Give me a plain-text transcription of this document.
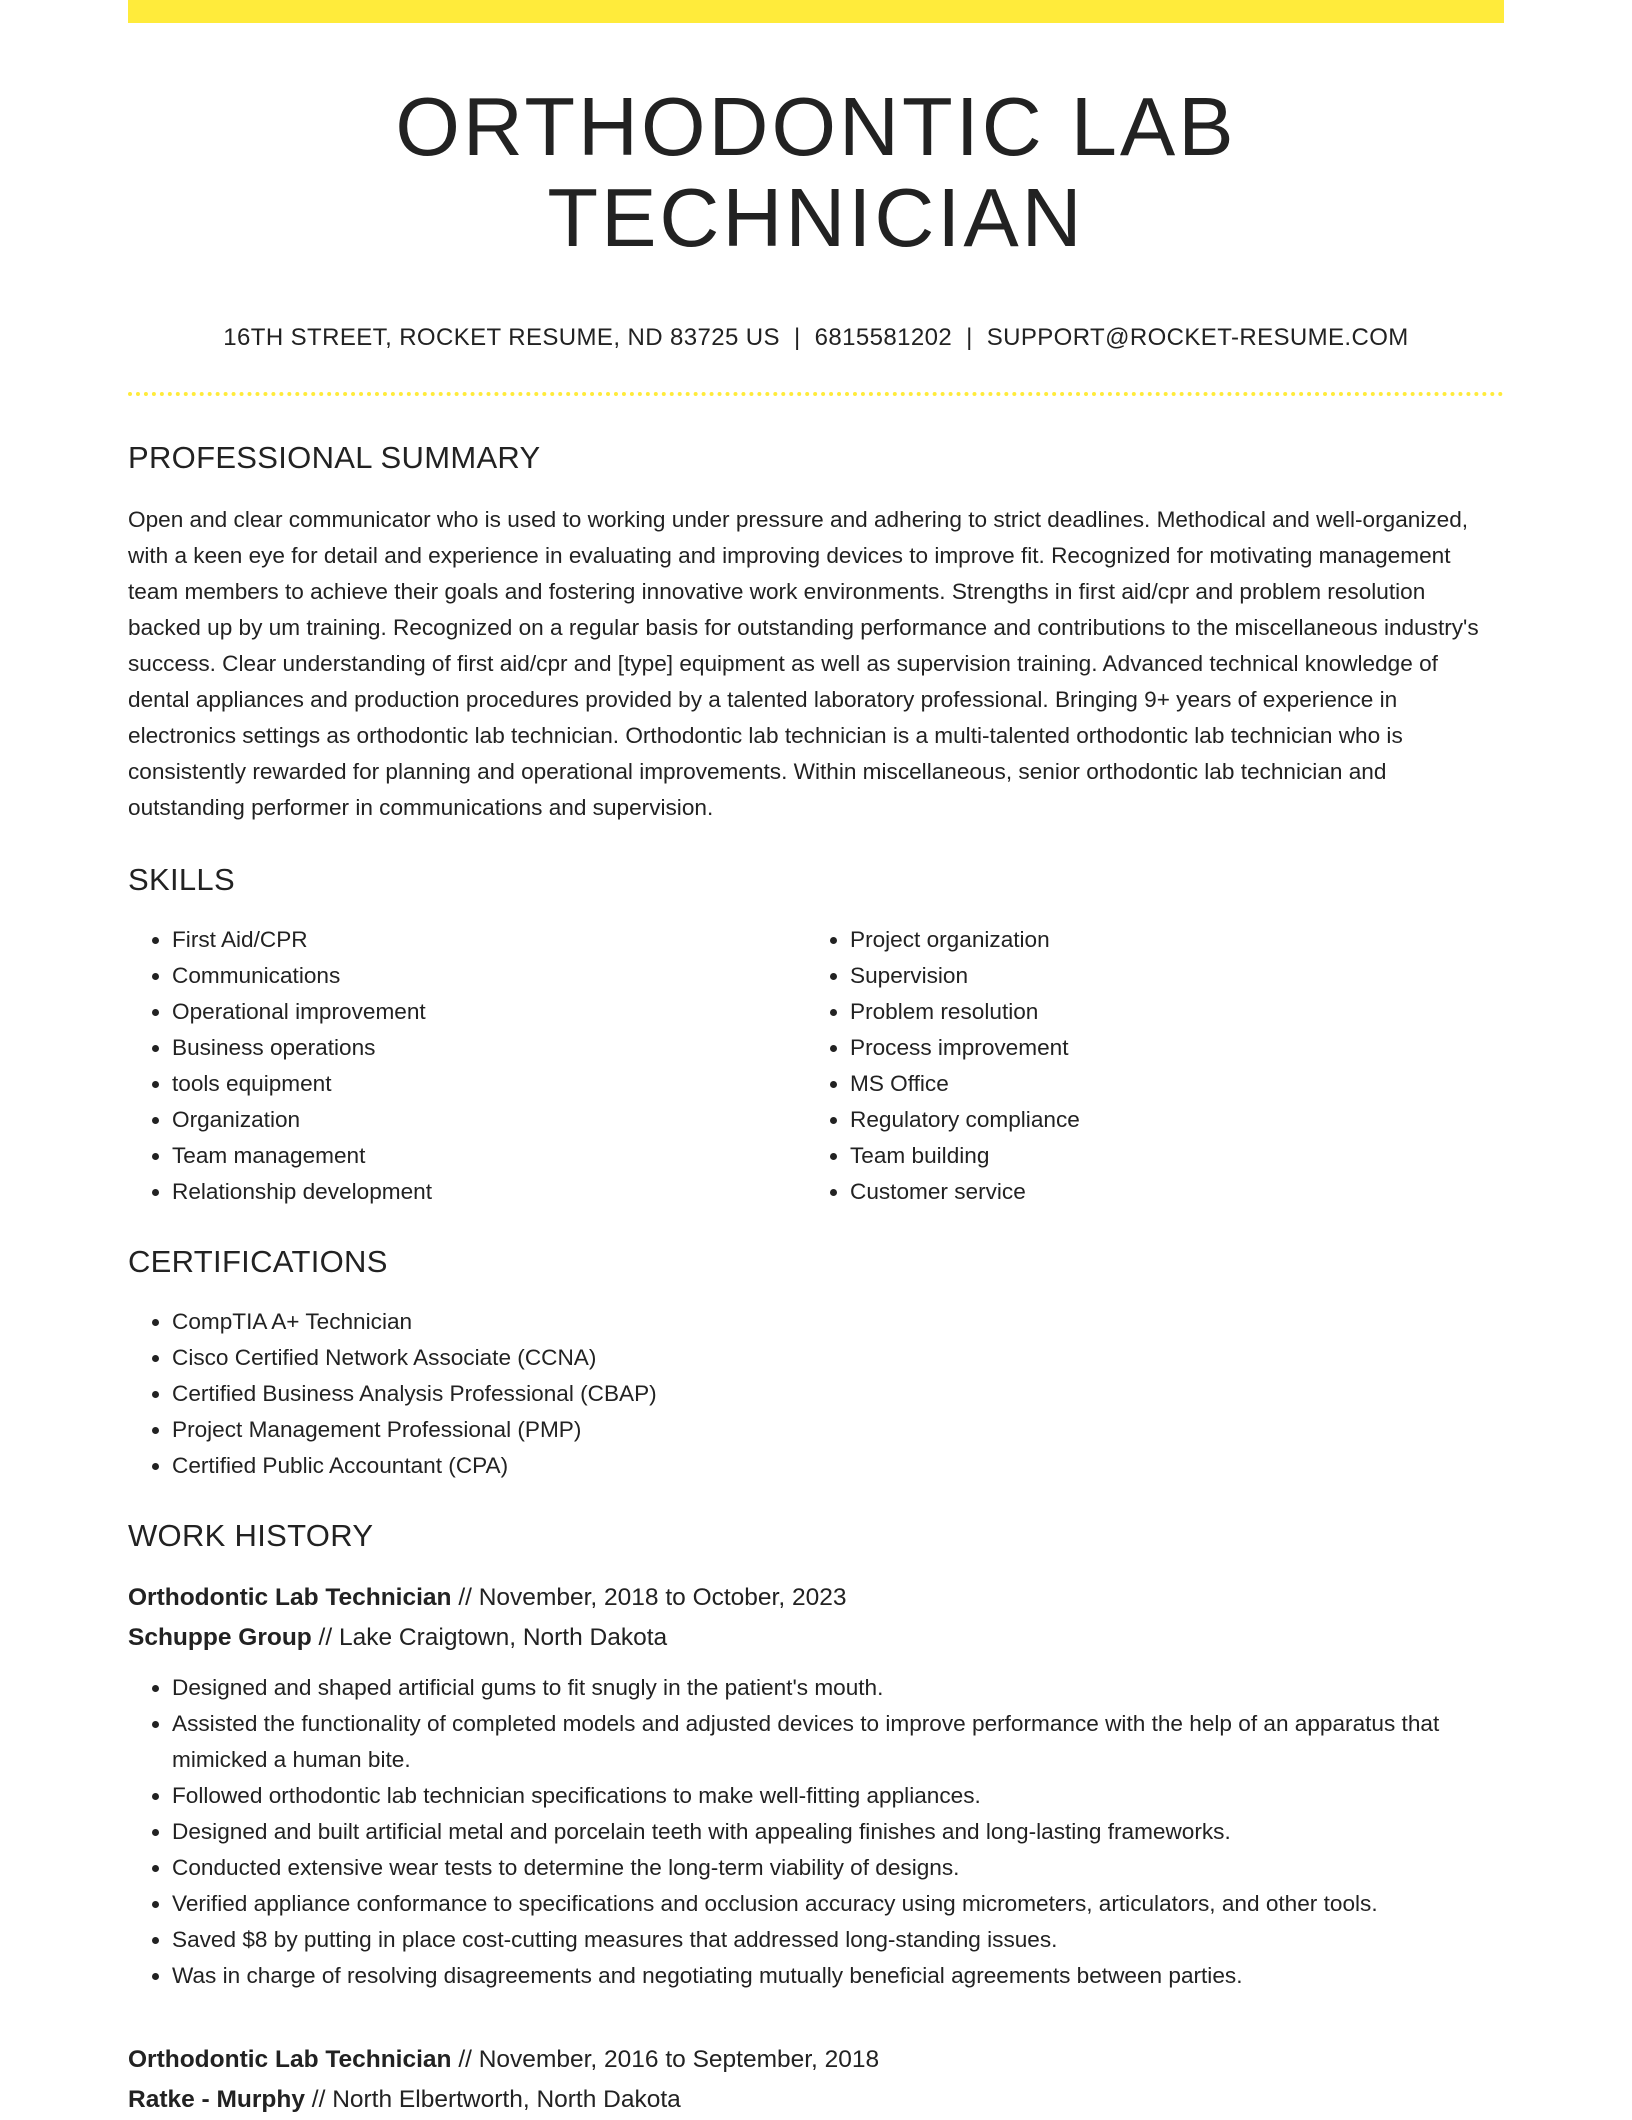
ORTHODONTIC LAB TECHNICIAN
16TH STREET, ROCKET RESUME, ND 83725 US | 6815581202 | SUPPORT@ROCKET-RESUME.COM
PROFESSIONAL SUMMARY

Open and clear communicator who is used to working under pressure and adhering to strict deadlines. Methodical and well-organized, with a keen eye for detail and experience in evaluating and improving devices to improve fit. Recognized for motivating management team members to achieve their goals and fostering innovative work environments. Strengths in first aid/cpr and problem resolution backed up by um training. Recognized on a regular basis for outstanding performance and contributions to the miscellaneous industry's success. Clear understanding of first aid/cpr and [type] equipment as well as supervision training. Advanced technical knowledge of dental appliances and production procedures provided by a talented laboratory professional. Bringing 9+ years of experience in electronics settings as orthodontic lab technician. Orthodontic lab technician is a multi-talented orthodontic lab technician who is consistently rewarded for planning and operational improvements. Within miscellaneous, senior orthodontic lab technician and outstanding performer in communications and supervision.

SKILLS
• First Aid/CPR
• Communications
• Operational improvement
• Business operations
• tools equipment
• Organization
• Team management
• Relationship development
• Project organization
• Supervision
• Problem resolution
• Process improvement
• MS Office
• Regulatory compliance
• Team building
• Customer service
CERTIFICATIONS
• CompTIA A+ Technician
• Cisco Certified Network Associate (CCNA)
• Certified Business Analysis Professional (CBAP)
• Project Management Professional (PMP)
• Certified Public Accountant (CPA)
WORK HISTORY
Orthodontic Lab Technician // November, 2018 to October, 2023
Schuppe Group // Lake Craigtown, North Dakota
• Designed and shaped artificial gums to fit snugly in the patient's mouth.
• Assisted the functionality of completed models and adjusted devices to improve performance with the help of an apparatus that mimicked a human bite.
• Followed orthodontic lab technician specifications to make well-fitting appliances.
• Designed and built artificial metal and porcelain teeth with appealing finishes and long-lasting frameworks.
• Conducted extensive wear tests to determine the long-term viability of designs.
• Verified appliance conformance to specifications and occlusion accuracy using micrometers, articulators, and other tools.
• Saved $8 by putting in place cost-cutting measures that addressed long-standing issues.
• Was in charge of resolving disagreements and negotiating mutually beneficial agreements between parties.
Orthodontic Lab Technician // November, 2016 to September, 2018
Ratke - Murphy // North Elbertworth, North Dakota
